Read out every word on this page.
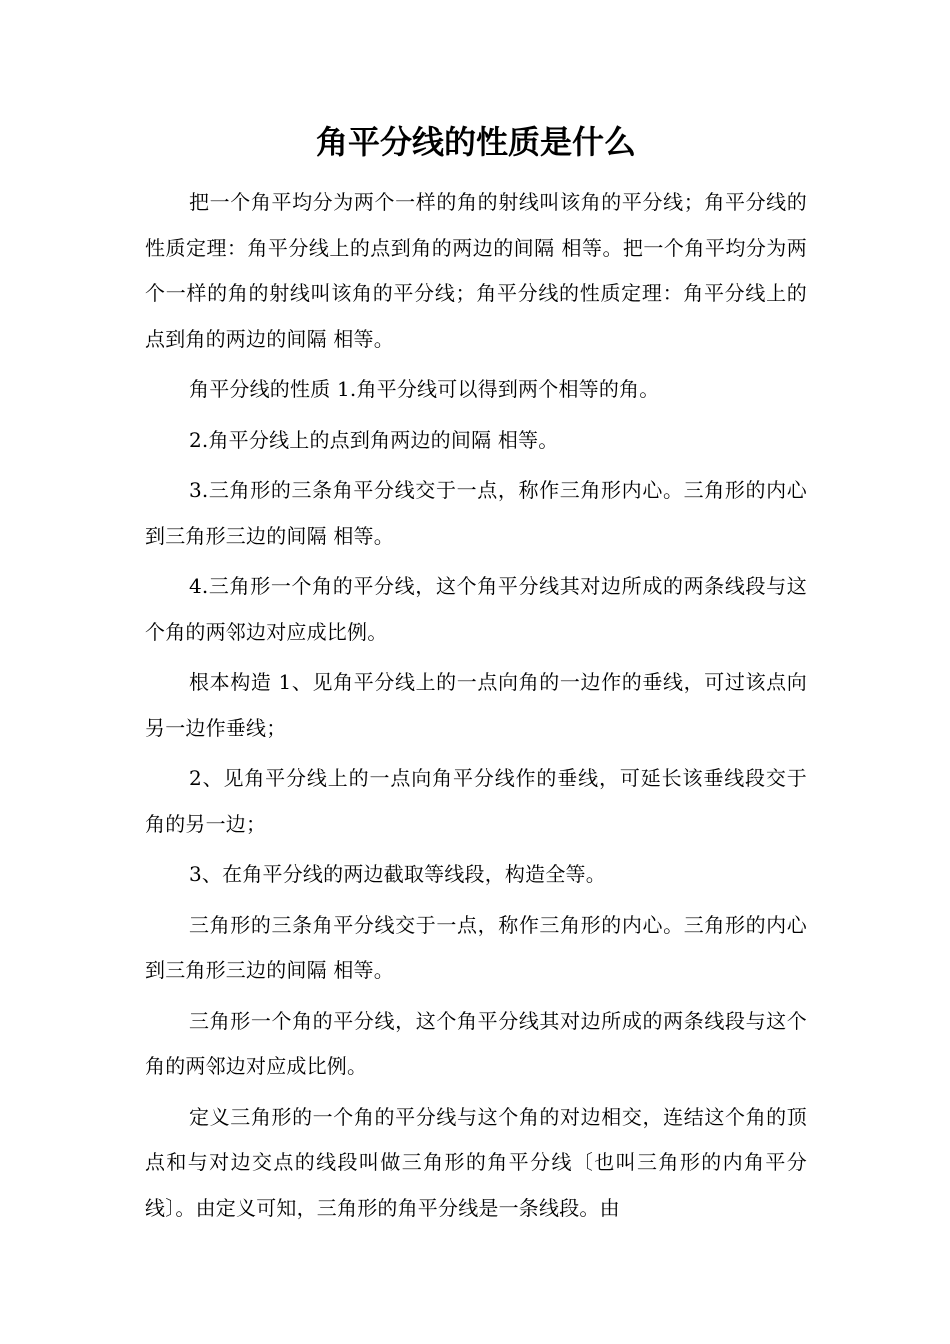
角平分线的性质是什么

把一个角平均分为两个一样的角的射线叫该角的平分线；角平分线的性质定理：角平分线上的点到角的两边的间隔 相等。把一个角平均分为两个一样的角的射线叫该角的平分线；角平分线的性质定理：角平分线上的点到角的两边的间隔 相等。

角平分线的性质 1.角平分线可以得到两个相等的角。

2.角平分线上的点到角两边的间隔 相等。

3.三角形的三条角平分线交于一点，称作三角形内心。三角形的内心到三角形三边的间隔 相等。

4.三角形一个角的平分线，这个角平分线其对边所成的两条线段与这个角的两邻边对应成比例。

根本构造 1、见角平分线上的一点向角的一边作的垂线，可过该点向另一边作垂线；

2、见角平分线上的一点向角平分线作的垂线，可延长该垂线段交于角的另一边；

3、在角平分线的两边截取等线段，构造全等。

三角形的三条角平分线交于一点，称作三角形的内心。三角形的内心到三角形三边的间隔 相等。

三角形一个角的平分线，这个角平分线其对边所成的两条线段与这个角的两邻边对应成比例。

定义三角形的一个角的平分线与这个角的对边相交，连结这个角的顶点和与对边交点的线段叫做三角形的角平分线〔也叫三角形的内角平分线〕。由定义可知，三角形的角平分线是一条线段。由
